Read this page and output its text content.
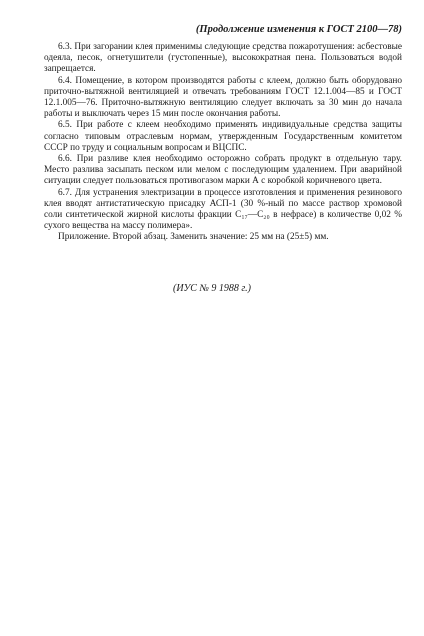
(Продолжение изменения к ГОСТ 2100—78)

6.3. При загорании клея применимы следующие средства пожаротушения: асбестовые одеяла, песок, огнетушители (густопенные), высокократная пена. Пользоваться водой запрещается.

6.4. Помещение, в котором производятся работы с клеем, должно быть оборудовано приточно-вытяжной вентиляцией и отвечать требованиям ГОСТ 12.1.004—85 и ГОСТ 12.1.005—76. Приточно-вытяжную вентиляцию следует включать за 30 мин до начала работы и выключать через 15 мин после окончания работы.

6.5. При работе с клеем необходимо применять индивидуальные средства защиты согласно типовым отраслевым нормам, утвержденным Государственным комитетом СССР по труду и социальным вопросам и ВЦСПС.

6.6. При разливе клея необходимо осторожно собрать продукт в отдельную тару. Место разлива засыпать песком или мелом с последующим удалением. При аварийной ситуации следует пользоваться противогазом марки А с коробкой коричневого цвета.

6.7. Для устранения электризации в процессе изготовления и применения резинового клея вводят антистатическую присадку АСП-1 (30 %-ный по массе раствор хромовой соли синтетической жирной кислоты фракции С₁₇—С₂₀ в нефрасе) в количестве 0,02 % сухого вещества на массу полимера».

Приложение. Второй абзац. Заменить значение: 25 мм на (25±5) мм.

(ИУС № 9 1988 г.)
